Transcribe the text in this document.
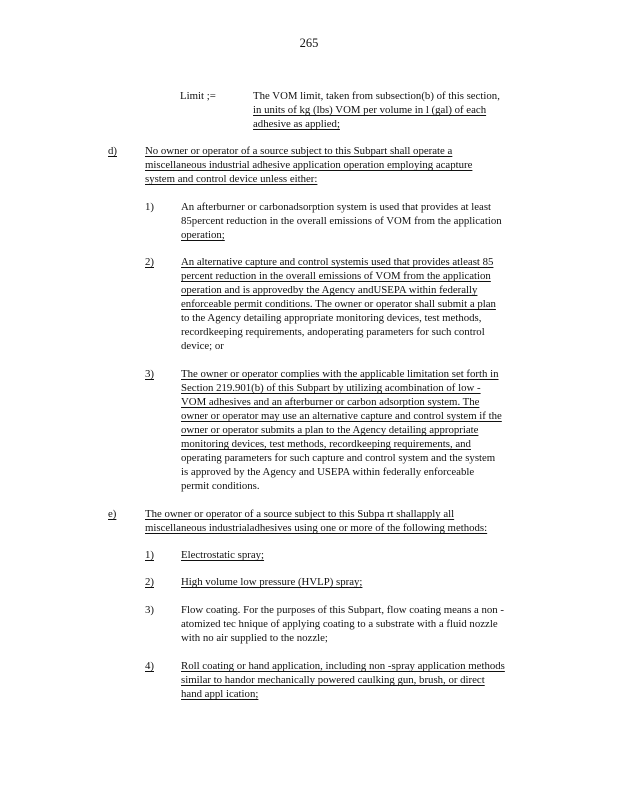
265
Limit ;=	The VOM limit, taken from subsection(b) of this section,
in units of kg (lbs) VOM per volume in l (gal) of each
adhesive as applied;
d)	No owner or operator of a source subject to this Subpart shall operate a
miscellaneous industrial adhesive application operation employing acapture
system and control device unless either:
1)	An afterburner or carbonadsorption system is used that provides at least
85percent reduction in the overall emissions of VOM from the application
operation;
2)	An alternative capture and control systemis used that provides atleast 85
percent reduction in the overall emissions of VOM from the application
operation and is approvedby the Agency andUSEPA within federally
enforceable permit conditions. The owner or operator shall submit a plan
to the Agency detailing appropriate monitoring devices, test methods,
recordkeeping requirements, andoperating parameters for such control
device; or
3)	The owner or operator complies with the applicable limitation set forth in
Section 219.901(b) of this Subpart by utilizing acombination of low -
VOM adhesives and an afterburner or carbon adsorption system. The
owner or operator may use an alternative capture and control system if the
owner or operator submits a plan to the Agency detailing appropriate
monitoring devices, test methods, recordkeeping requirements, and
operating parameters for such capture and control system and the system
is approved by the Agency and USEPA within federally enforceable
permit conditions.
e)	The owner or operator of a source subject to this Subpa rt shallapply all
miscellaneous industrialadhesives using one or more of the following methods:
1)	Electrostatic spray;
2)	High volume low pressure (HVLP) spray;
3)	Flow coating. For the purposes of this Subpart, flow coating means a non -
atomized tec hnique of applying coating to a substrate with a fluid nozzle
with no air supplied to the nozzle;
4)	Roll coating or hand application, including non -spray application methods
similar to handor mechanically powered caulking gun, brush, or direct
hand appl ication;
